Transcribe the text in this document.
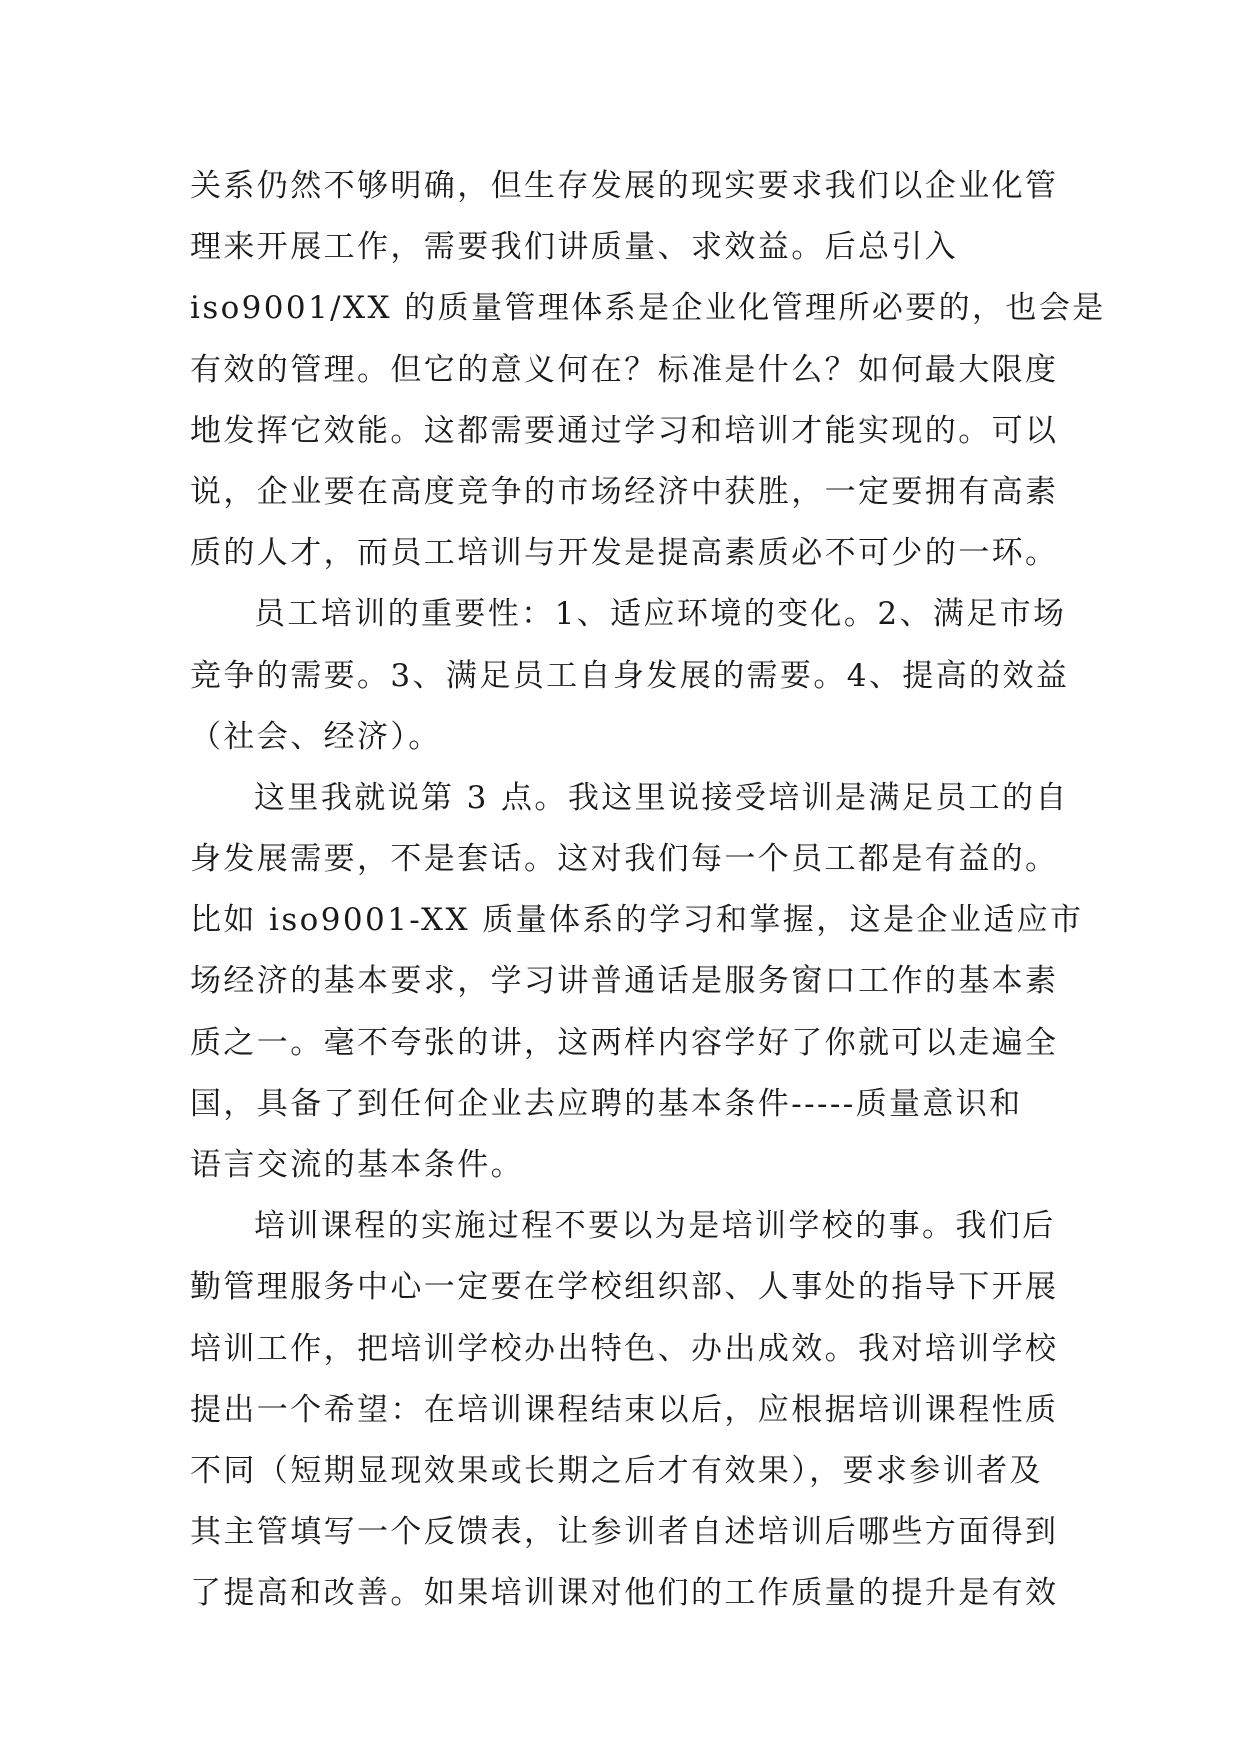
关系仍然不够明确，但生存发展的现实要求我们以企业化管
理来开展工作，需要我们讲质量、求效益。后总引入
iso9001/XX 的质量管理体系是企业化管理所必要的，也会是
有效的管理。但它的意义何在？标准是什么？如何最大限度
地发挥它效能。这都需要通过学习和培训才能实现的。可以
说，企业要在高度竞争的市场经济中获胜，一定要拥有高素
质的人才，而员工培训与开发是提高素质必不可少的一环。
员工培训的重要性：1、适应环境的变化。2、满足市场
竞争的需要。3、满足员工自身发展的需要。4、提高的效益
（社会、经济）。
这里我就说第 3 点。我这里说接受培训是满足员工的自
身发展需要，不是套话。这对我们每一个员工都是有益的。
比如 iso9001-XX 质量体系的学习和掌握，这是企业适应市
场经济的基本要求，学习讲普通话是服务窗口工作的基本素
质之一。毫不夸张的讲，这两样内容学好了你就可以走遍全
国，具备了到任何企业去应聘的基本条件-----质量意识和
语言交流的基本条件。
培训课程的实施过程不要以为是培训学校的事。我们后
勤管理服务中心一定要在学校组织部、人事处的指导下开展
培训工作，把培训学校办出特色、办出成效。我对培训学校
提出一个希望：在培训课程结束以后，应根据培训课程性质
不同（短期显现效果或长期之后才有效果），要求参训者及
其主管填写一个反馈表，让参训者自述培训后哪些方面得到
了提高和改善。如果培训课对他们的工作质量的提升是有效
